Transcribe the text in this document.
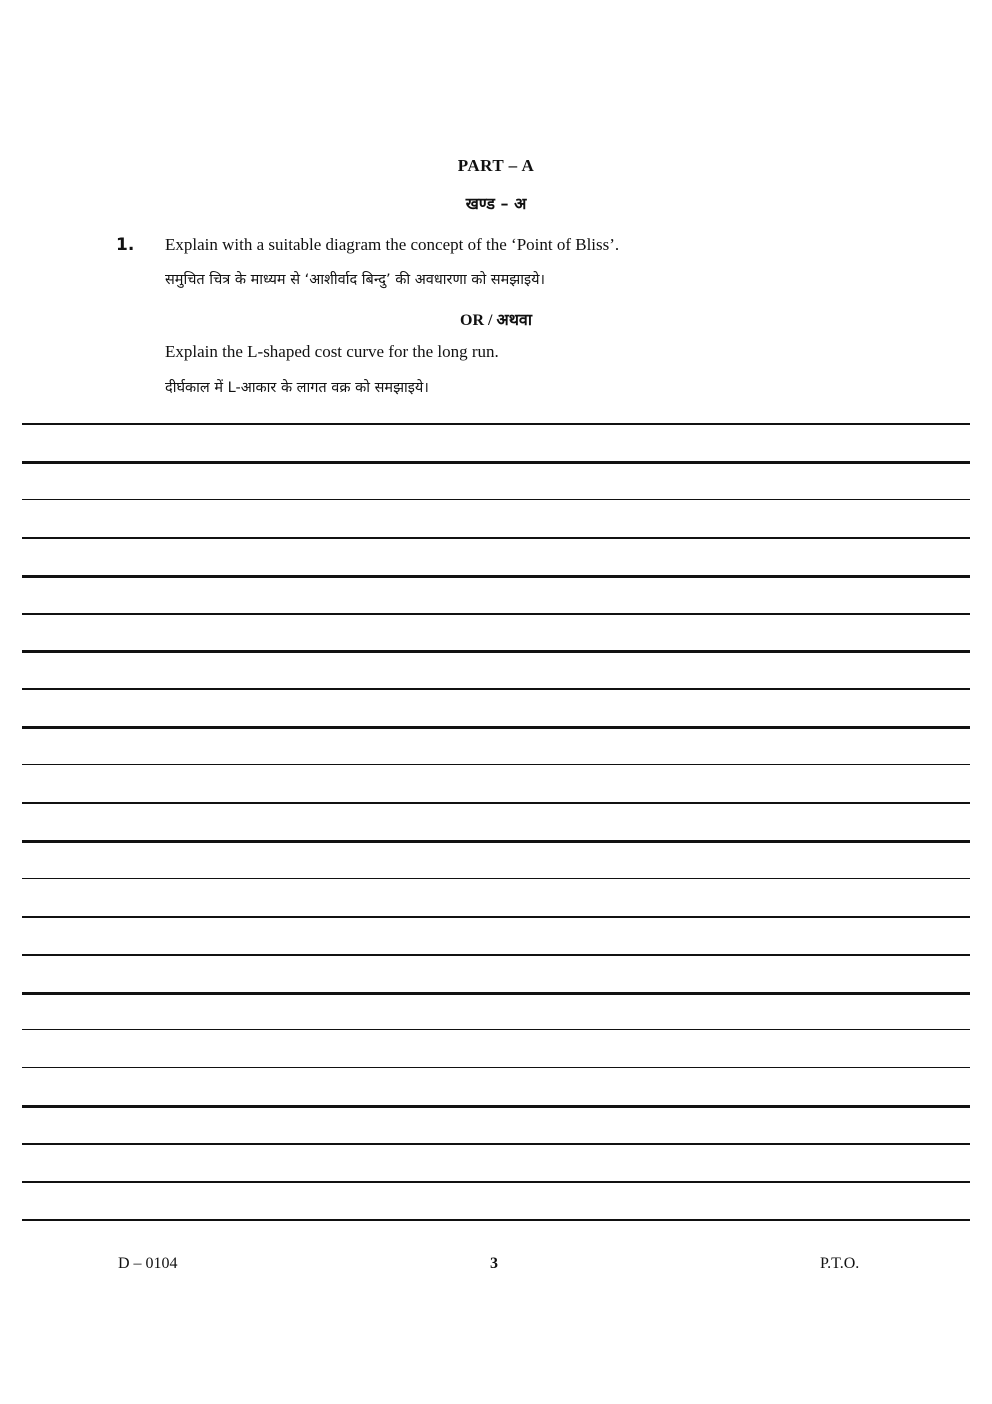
PART – A
खण्ड – अ
1. Explain with a suitable diagram the concept of the ‘Point of Bliss’.
समुचित चित्र के माध्यम से ‘आशीर्वाद बिन्दु’ की अवधारणा को समझाइये।
OR / अथवा
Explain the L-shaped cost curve for the long run.
दीर्घकाल में L-आकार के लागत वक्र को समझाइये।
D – 0104	3	P.T.O.
